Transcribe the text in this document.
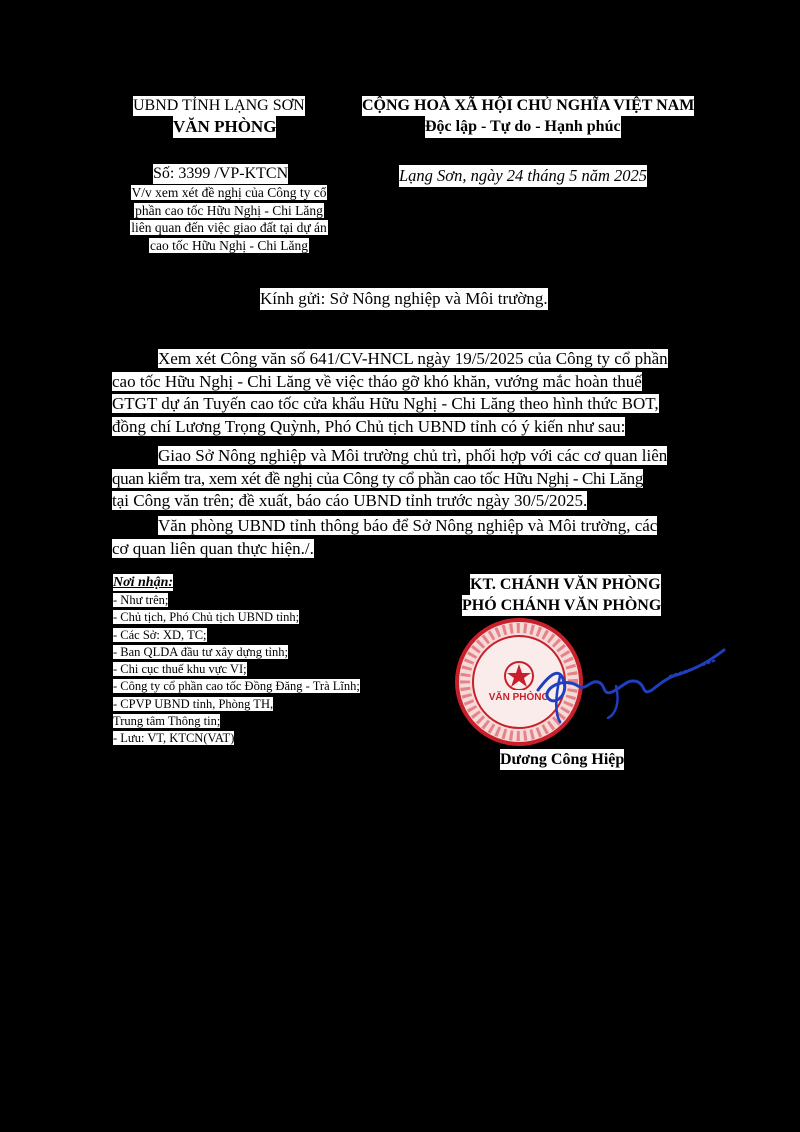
UBND TỈNH LẠNG SƠN
VĂN PHÒNG
CỘNG HOÀ XÃ HỘI CHỦ NGHĨA VIỆT NAM
Độc lập - Tự do - Hạnh phúc
Số: 3399 /VP-KTCN
V/v xem xét đề nghị của Công ty cổ
phần cao tốc Hữu Nghị - Chi Lăng
liên quan đến việc giao đất tại dự án
cao tốc Hữu Nghị - Chi Lăng
Lạng Sơn, ngày 24 tháng 5 năm 2025
Kính gửi: Sở Nông nghiệp và Môi trường.
Xem xét Công văn số 641/CV-HNCL ngày 19/5/2025 của Công ty cổ phần
cao tốc Hữu Nghị - Chi Lăng về việc tháo gỡ khó khăn, vướng mắc hoàn thuế
GTGT dự án Tuyến cao tốc cửa khẩu Hữu Nghị - Chi Lăng theo hình thức BOT,
đồng chí Lương Trọng Quỳnh, Phó Chủ tịch UBND tỉnh có ý kiến như sau:
Giao Sở Nông nghiệp và Môi trường chủ trì, phối hợp với các cơ quan liên
quan kiểm tra, xem xét đề nghị của Công ty cổ phần cao tốc Hữu Nghị - Chi Lăng
tại Công văn trên; đề xuất, báo cáo UBND tỉnh trước ngày 30/5/2025.
Văn phòng UBND tỉnh thông báo để Sở Nông nghiệp và Môi trường, các
cơ quan liên quan thực hiện./.
Nơi nhận:
- Như trên;
- Chủ tịch, Phó Chủ tịch UBND tỉnh;
- Các Sở: XD, TC;
- Ban QLDA đầu tư xây dựng tỉnh;
- Chi cục thuế khu vực VI;
- Công ty cổ phần cao tốc Đồng Đăng - Trà Lĩnh;
- CPVP UBND tỉnh, Phòng TH,
Trung tâm Thông tin;
- Lưu: VT, KTCN(VAT)
KT. CHÁNH VĂN PHÒNG
PHÓ CHÁNH VĂN PHÒNG
VĂN PHÒNG
Dương Công Hiệp
